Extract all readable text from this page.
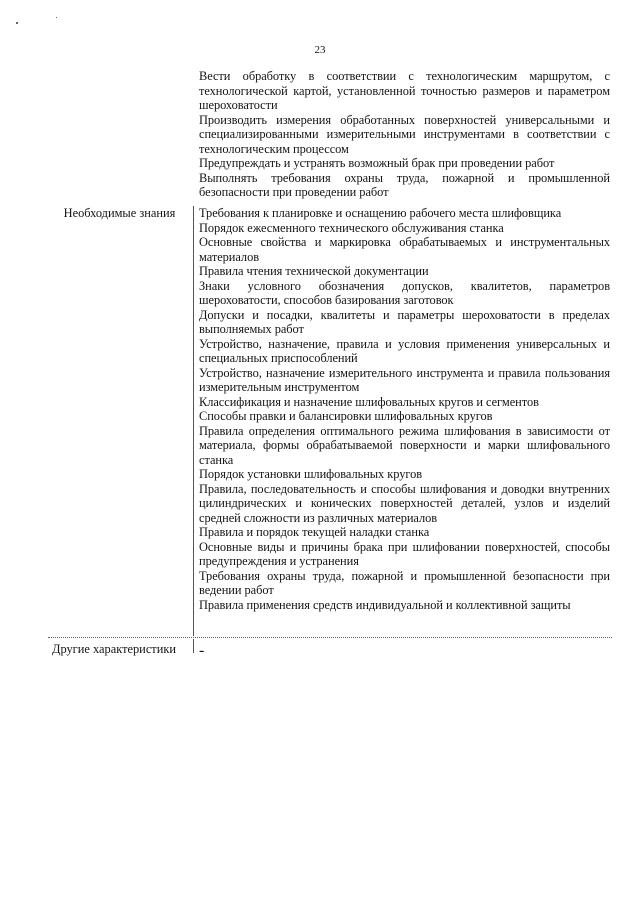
23

Вести обработку в соответствии с технологическим маршрутом, с технологической картой, установленной точностью размеров и параметром шероховатости

Производить измерения обработанных поверхностей универсальными и специализированными измерительными инструментами в соответствии с технологическим процессом

Предупреждать и устранять возможный брак при проведении работ

Выполнять требования охраны труда, пожарной и промышленной безопасности при проведении работ

Необходимые знания	Требования к планировке и оснащению рабочего места шлифовщика

Порядок ежесменного технического обслуживания станка

Основные свойства и маркировка обрабатываемых и инструментальных материалов

Правила чтения технической документации

Знаки условного обозначения допусков, квалитетов, параметров шероховатости, способов базирования заготовок

Допуски и посадки, квалитеты и параметры шероховатости в пределах выполняемых работ

Устройство, назначение, правила и условия применения универсальных и специальных приспособлений

Устройство, назначение измерительного инструмента и правила пользования измерительным инструментом

Классификация и назначение шлифовальных кругов и сегментов

Способы правки и балансировки шлифовальных кругов

Правила определения оптимального режима шлифования в зависимости от материала, формы обрабатываемой поверхности и марки шлифовального станка

Порядок установки шлифовальных кругов

Правила, последовательность и способы шлифования и доводки внутренних цилиндрических и конических поверхностей деталей, узлов и изделий средней сложности из различных материалов

Правила и порядок текущей наладки станка

Основные виды и причины брака при шлифовании поверхностей, способы предупреждения и устранения

Требования охраны труда, пожарной и промышленной безопасности при ведении работ

Правила применения средств индивидуальной и коллективной защиты

Другие характеристики	-
